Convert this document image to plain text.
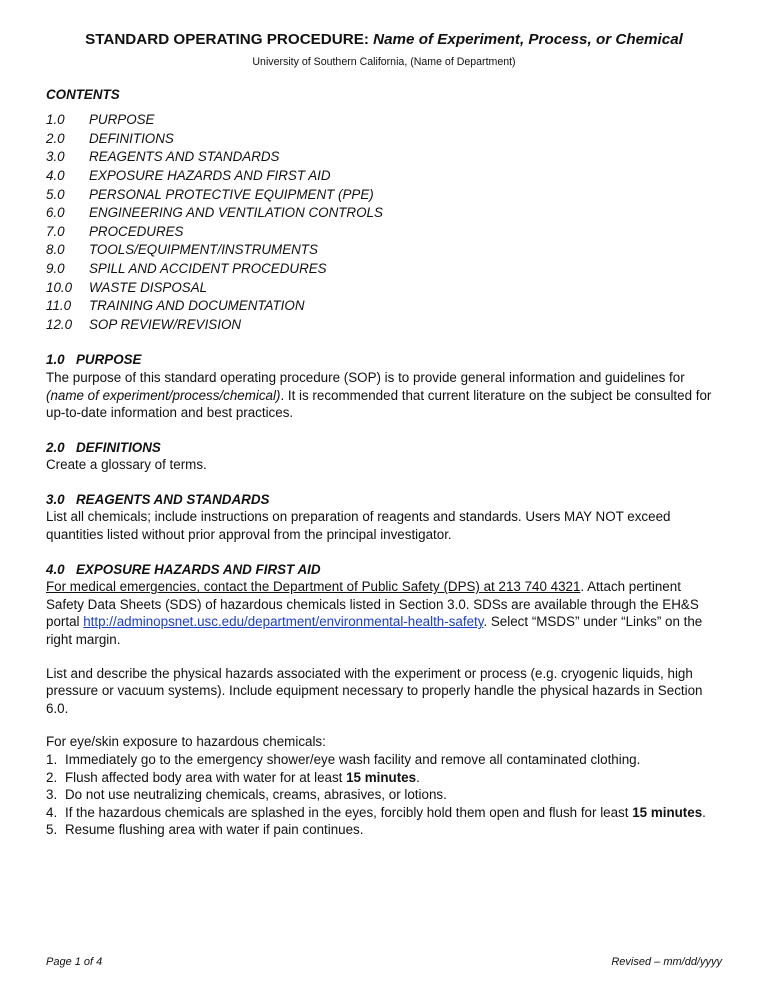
STANDARD OPERATING PROCEDURE: Name of Experiment, Process, or Chemical
University of Southern California, (Name of Department)
CONTENTS
1.0	PURPOSE
2.0	DEFINITIONS
3.0	REAGENTS AND STANDARDS
4.0	EXPOSURE HAZARDS AND FIRST AID
5.0	PERSONAL PROTECTIVE EQUIPMENT (PPE)
6.0	ENGINEERING AND VENTILATION CONTROLS
7.0	PROCEDURES
8.0	TOOLS/EQUIPMENT/INSTRUMENTS
9.0	SPILL AND ACCIDENT PROCEDURES
10.0	WASTE DISPOSAL
11.0	TRAINING AND DOCUMENTATION
12.0	SOP REVIEW/REVISION
1.0 PURPOSE

The purpose of this standard operating procedure (SOP) is to provide general information and guidelines for (name of experiment/process/chemical). It is recommended that current literature on the subject be consulted for up-to-date information and best practices.

2.0 DEFINITIONS

Create a glossary of terms.

3.0 REAGENTS AND STANDARDS

List all chemicals; include instructions on preparation of reagents and standards. Users MAY NOT exceed quantities listed without prior approval from the principal investigator.

4.0 EXPOSURE HAZARDS AND FIRST AID

For medical emergencies, contact the Department of Public Safety (DPS) at 213 740 4321. Attach pertinent Safety Data Sheets (SDS) of hazardous chemicals listed in Section 3.0. SDSs are available through the EH&S portal http://adminopsnet.usc.edu/department/environmental-health-safety. Select “MSDS” under “Links” on the right margin.

List and describe the physical hazards associated with the experiment or process (e.g. cryogenic liquids, high pressure or vacuum systems). Include equipment necessary to properly handle the physical hazards in Section 6.0.

For eye/skin exposure to hazardous chemicals:

1. Immediately go to the emergency shower/eye wash facility and remove all contaminated clothing.
2. Flush affected body area with water for at least 15 minutes.
3. Do not use neutralizing chemicals, creams, abrasives, or lotions.
4. If the hazardous chemicals are splashed in the eyes, forcibly hold them open and flush for least 15 minutes.
5. Resume flushing area with water if pain continues.
Page 1 of 4	Revised – mm/dd/yyyy
